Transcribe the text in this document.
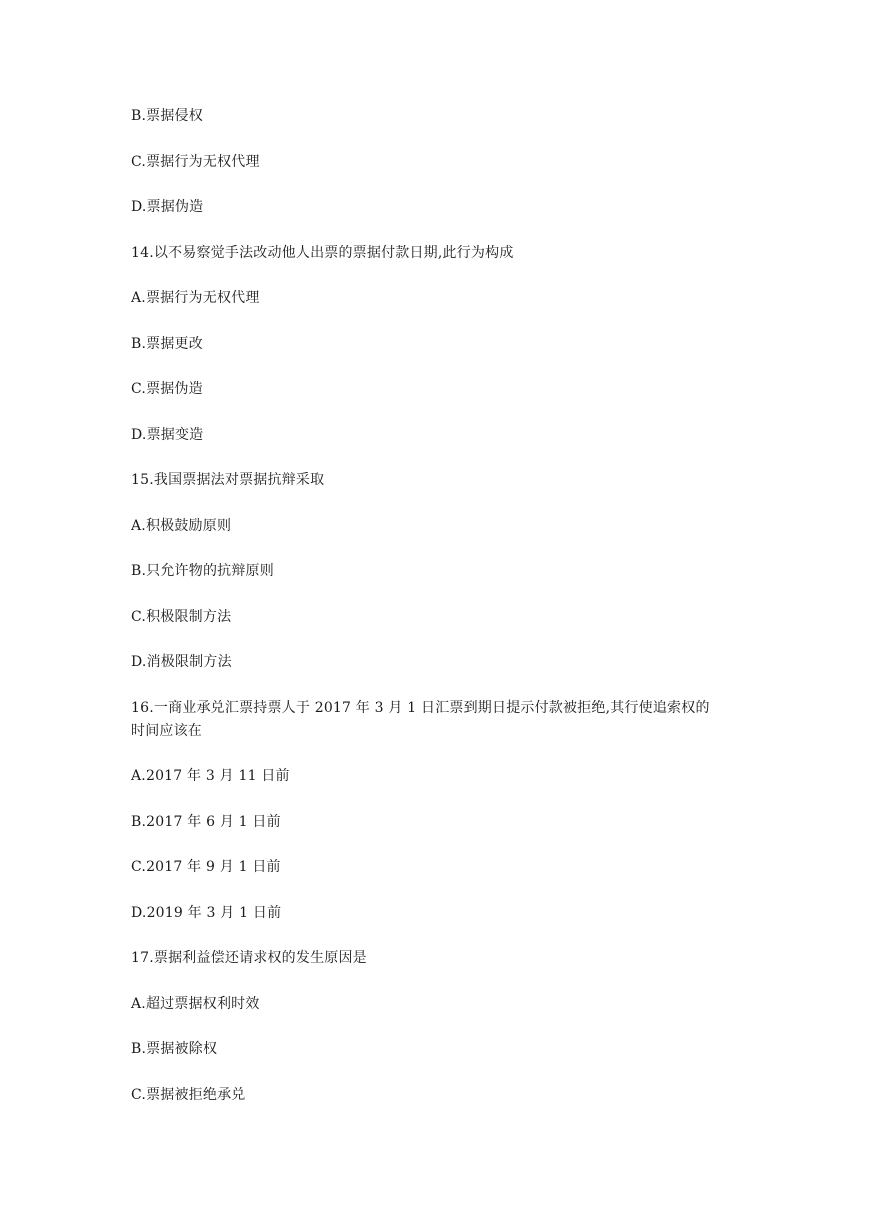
B.票据侵权
C.票据行为无权代理
D.票据伪造
14.以不易察觉手法改动他人出票的票据付款日期,此行为构成
A.票据行为无权代理
B.票据更改
C.票据伪造
D.票据变造
15.我国票据法对票据抗辩采取
A.积极鼓励原则
B.只允许物的抗辩原则
C.积极限制方法
D.消极限制方法
16.一商业承兑汇票持票人于 2017 年 3 月 1 日汇票到期日提示付款被拒绝,其行使追索权的
时间应该在
A.2017 年 3 月 11 日前
B.2017 年 6 月 1 日前
C.2017 年 9 月 1 日前
D.2019 年 3 月 1 日前
17.票据利益偿还请求权的发生原因是
A.超过票据权利时效
B.票据被除权
C.票据被拒绝承兑
